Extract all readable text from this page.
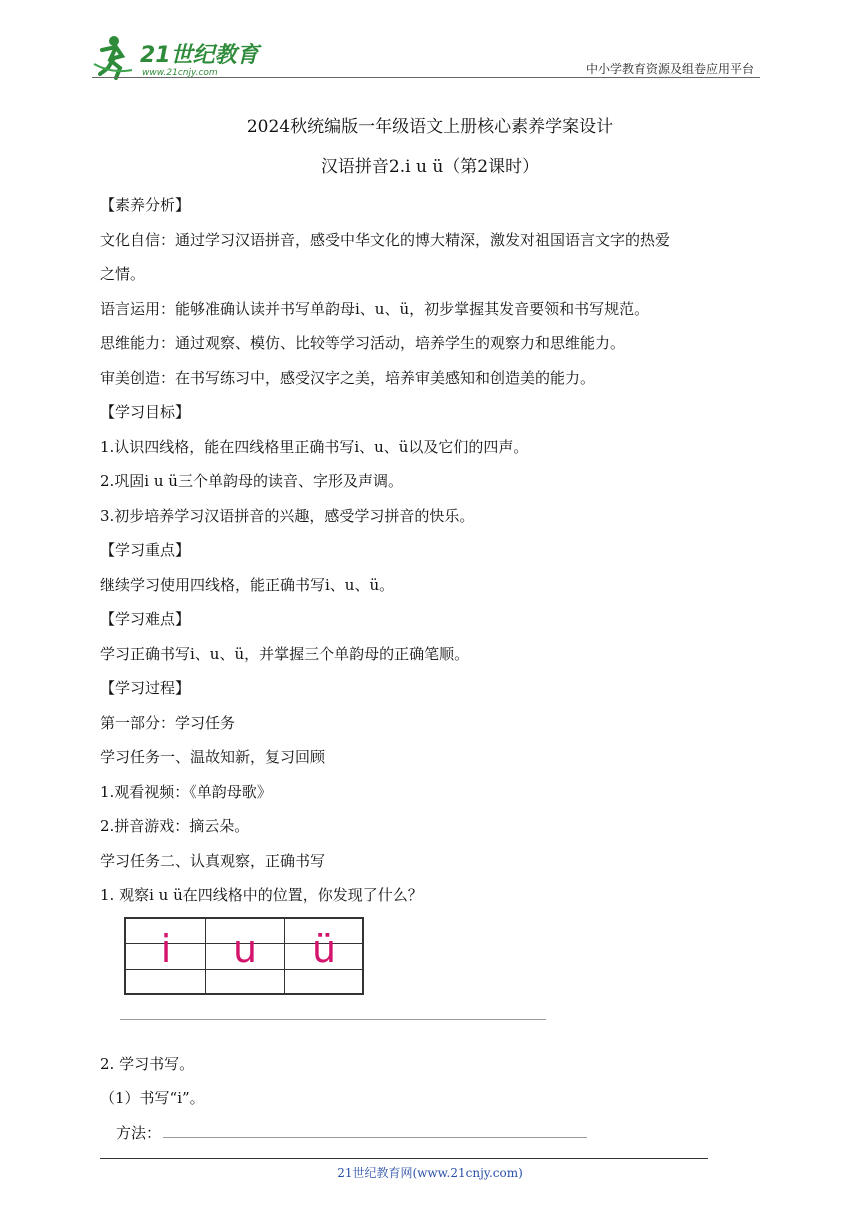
21世纪教育
www.21cnjy.com	中小学教育资源及组卷应用平台
2024秋统编版一年级语文上册核心素养学案设计
汉语拼音2.i u ü（第2课时）

【素养分析】

文化自信：通过学习汉语拼音，感受中华文化的博大精深，激发对祖国语言文字的热爱

之情。

语言运用：能够准确认读并书写单韵母i、u、ü，初步掌握其发音要领和书写规范。

思维能力：通过观察、模仿、比较等学习活动，培养学生的观察力和思维能力。

审美创造：在书写练习中，感受汉字之美，培养审美感知和创造美的能力。

【学习目标】

1.认识四线格，能在四线格里正确书写i、u、ü以及它们的四声。

2.巩固i u ü三个单韵母的读音、字形及声调。

3.初步培养学习汉语拼音的兴趣，感受学习拼音的快乐。

【学习重点】

继续学习使用四线格，能正确书写i、u、ü。

【学习难点】

学习正确书写i、u、ü，并掌握三个单韵母的正确笔顺。

【学习过程】

第一部分：学习任务

学习任务一、温故知新，复习回顾

1.观看视频：《单韵母歌》

2.拼音游戏：摘云朵。

学习任务二、认真观察，正确书写

1. 观察i u ü在四线格中的位置，你发现了什么？

i	u	ü

2. 学习书写。

（1）书写“i”。

方法：

21世纪教育网(www.21cnjy.com)
